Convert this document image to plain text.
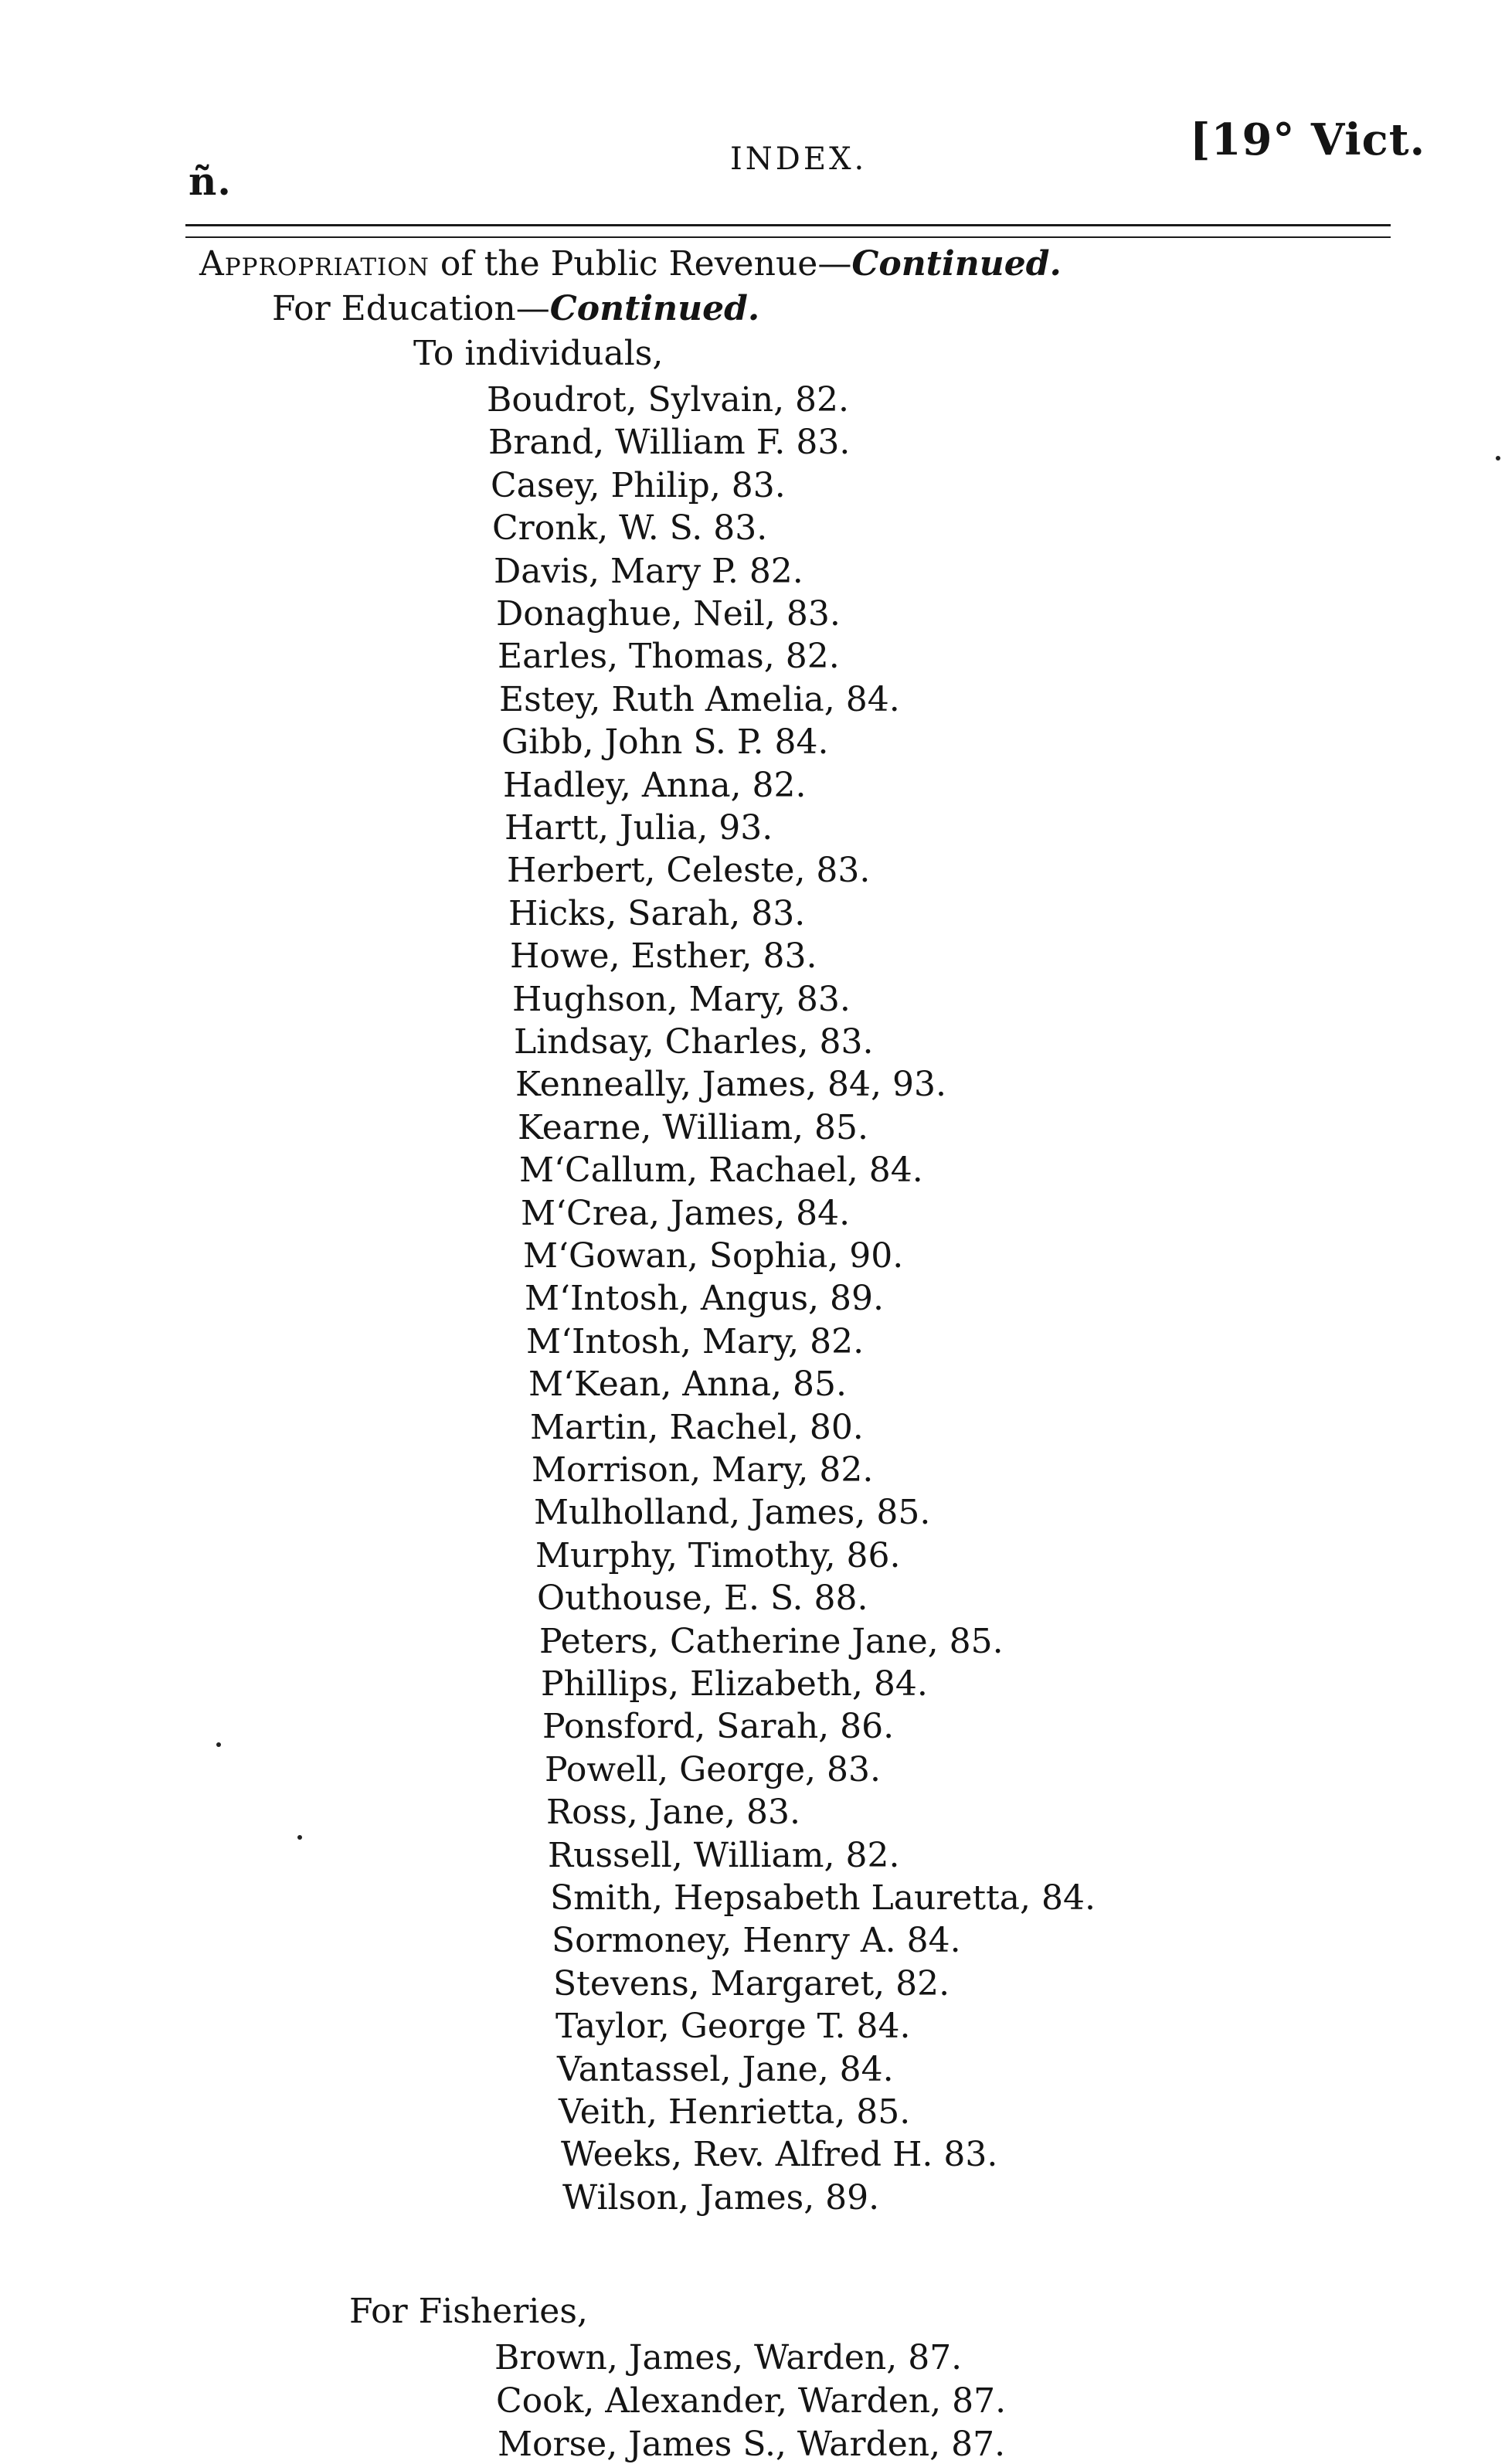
ñ.	INDEX.	[19° Vict.
Appropriation of the Public Revenue—Continued.
For Education—Continued.
To individuals,
Boudrot, Sylvain, 82.
Brand, William F. 83.
Casey, Philip, 83.
Cronk, W. S. 83.
Davis, Mary P. 82.
Donaghue, Neil, 83.
Earles, Thomas, 82.
Estey, Ruth Amelia, 84.
Gibb, John S. P. 84.
Hadley, Anna, 82.
Hartt, Julia, 93.
Herbert, Celeste, 83.
Hicks, Sarah, 83.
Howe, Esther, 83.
Hughson, Mary, 83.
Lindsay, Charles, 83.
Kenneally, James, 84, 93.
Kearne, William, 85.
M‘Callum, Rachael, 84.
M‘Crea, James, 84.
M‘Gowan, Sophia, 90.
M‘Intosh, Angus, 89.
M‘Intosh, Mary, 82.
M‘Kean, Anna, 85.
Martin, Rachel, 80.
Morrison, Mary, 82.
Mulholland, James, 85.
Murphy, Timothy, 86.
Outhouse, E. S. 88.
Peters, Catherine Jane, 85.
Phillips, Elizabeth, 84.
Ponsford, Sarah, 86.
Powell, George, 83.
Ross, Jane, 83.
Russell, William, 82.
Smith, Hepsabeth Lauretta, 84.
Sormoney, Henry A. 84.
Stevens, Margaret, 82.
Taylor, George T. 84.
Vantassel, Jane, 84.
Veith, Henrietta, 85.
Weeks, Rev. Alfred H. 83.
Wilson, James, 89.
For Fisheries,
Brown, James, Warden, 87.
Cook, Alexander, Warden, 87.
Morse, James S., Warden, 87.
